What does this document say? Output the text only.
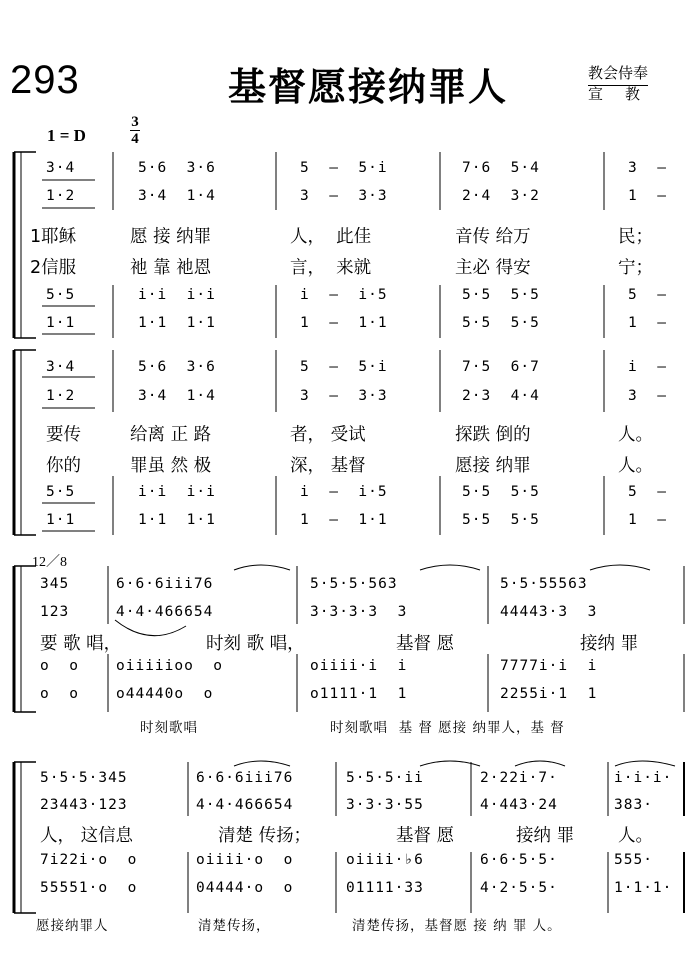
293	基督愿接纳罪人	教会侍奉
宣教
1 = D
3
4
12／8
3·4	5·6  3·6	5  –  5·i	7·6  5·4	3  –
1·2	3·4  1·4	3  –  3·3	2·4  3·2	1  –
1耶稣	愿 接 纳罪	人，  此佳	音传 给万	民；
2信服	祂 靠 祂恩	言，  来就	主必 得安	宁；
5·5	i·i  i·i	i  –  i·5	5·5  5·5	5  –
1·1	1·1  1·1	1  –  1·1	5·5  5·5	1  –
3·4	5·6  3·6	5  –  5·i	7·5  6·7	i  –
1·2	3·4  1·4	3  –  3·3	2·3  4·4	3  –
要传	给离 正 路	者， 受试	探跌 倒的	人。
你的	罪虽 然 极	深， 基督	愿接 纳罪	人。
5·5	i·i  i·i	i  –  i·5	5·5  5·5	5  –
1·1	1·1  1·1	1  –  1·1	5·5  5·5	1  –
345	6·6·6iii76	5·5·5·563	5·5·55563
123	4·4·466654	3·3·3·3  3	44443·3  3
要 歌 唱，	时刻 歌 唱，	基督 愿	接纳 罪
o  o	oiiiiioo  o	oiiii·i  i	7777i·i  i
o  o	o44440o  o	o1111·1  1	2255i·1  1
时刻歌唱	时刻歌唱  基 督 愿接 纳罪人，基 督
5·5·5·345	6·6·6iii76	5·5·5·ii	2·22i·7·	i·i·i·
23443·123	4·4·466654	3·3·3·55	4·443·24	383·
人， 这信息	清楚 传扬；	基督 愿	接纳 罪	人。
7i22i·o  o	oiiii·o  o	oiiii·♭6	6·6·5·5·	555·
55551·o  o	04444·o  o	01111·33	4·2·5·5·	1·1·1·
愿接纳罪人	清楚传扬，	清楚传扬，基督愿 接 纳 罪 人。
